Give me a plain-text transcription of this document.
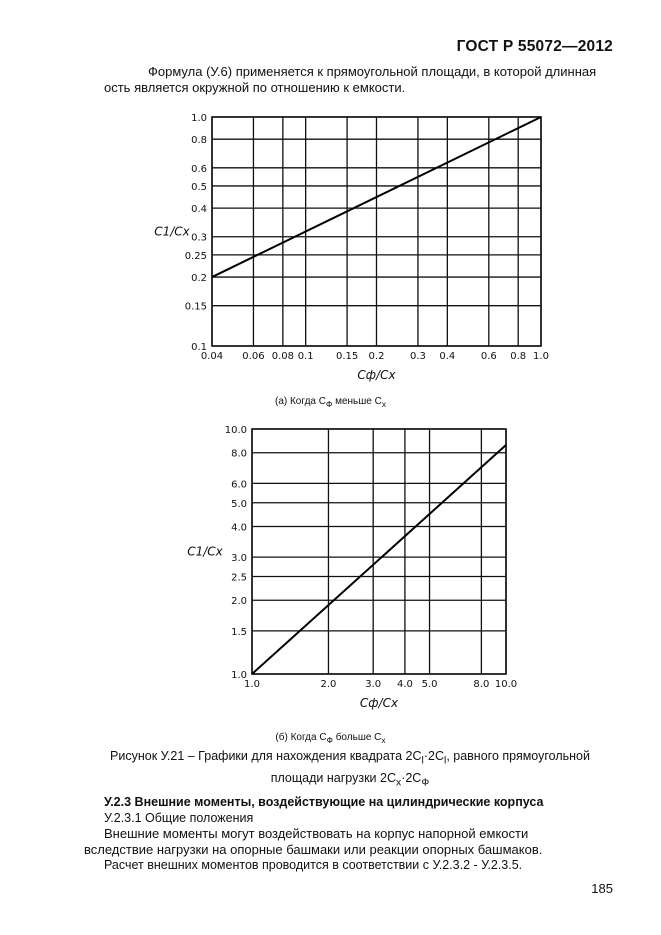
ГОСТ Р 55072—2012
Формула (У.6) применяется к прямоугольной площади, в которой длинная
ость является окружной по отношению к емкости.
0.04 0.06 0.08 0.1 0.15 0.2	0.3 0.4	0.6 0.8 1.0
0.1
0.15
0.2
0.25
0.3
0.4
0.5
0.6
0.8
1.0
Cф/Cх
C1/Cх
1.0	2.0	3.0 4.0 5.0	8.0 10.0
1.0
1.5
2.0
2.5
3.0
4.0
5.0
6.0
8.0
10.0
Cф/Cх
C1/Cх
(а) Когда $C_Ф$ меньше $C_x$
(б) Когда $C_Ф$ больше $C_x$
Рисунок У.21 – Графики для нахождения квадрата $2C_l\cdot 2C_l$, равного прямоугольной
площади нагрузки $2C_x\cdot 2C_Ф$
У.2.3 Внешние моменты, воздействующие на цилиндрические корпуса
У.2.3.1 Общие положения
Внешние моменты могут воздействовать на корпус напорной емкости
вследствие нагрузки на опорные башмаки или реакции опорных башмаков.
Расчет внешних моментов проводится в соответствии с У.2.3.2 - У.2.3.5.
185
